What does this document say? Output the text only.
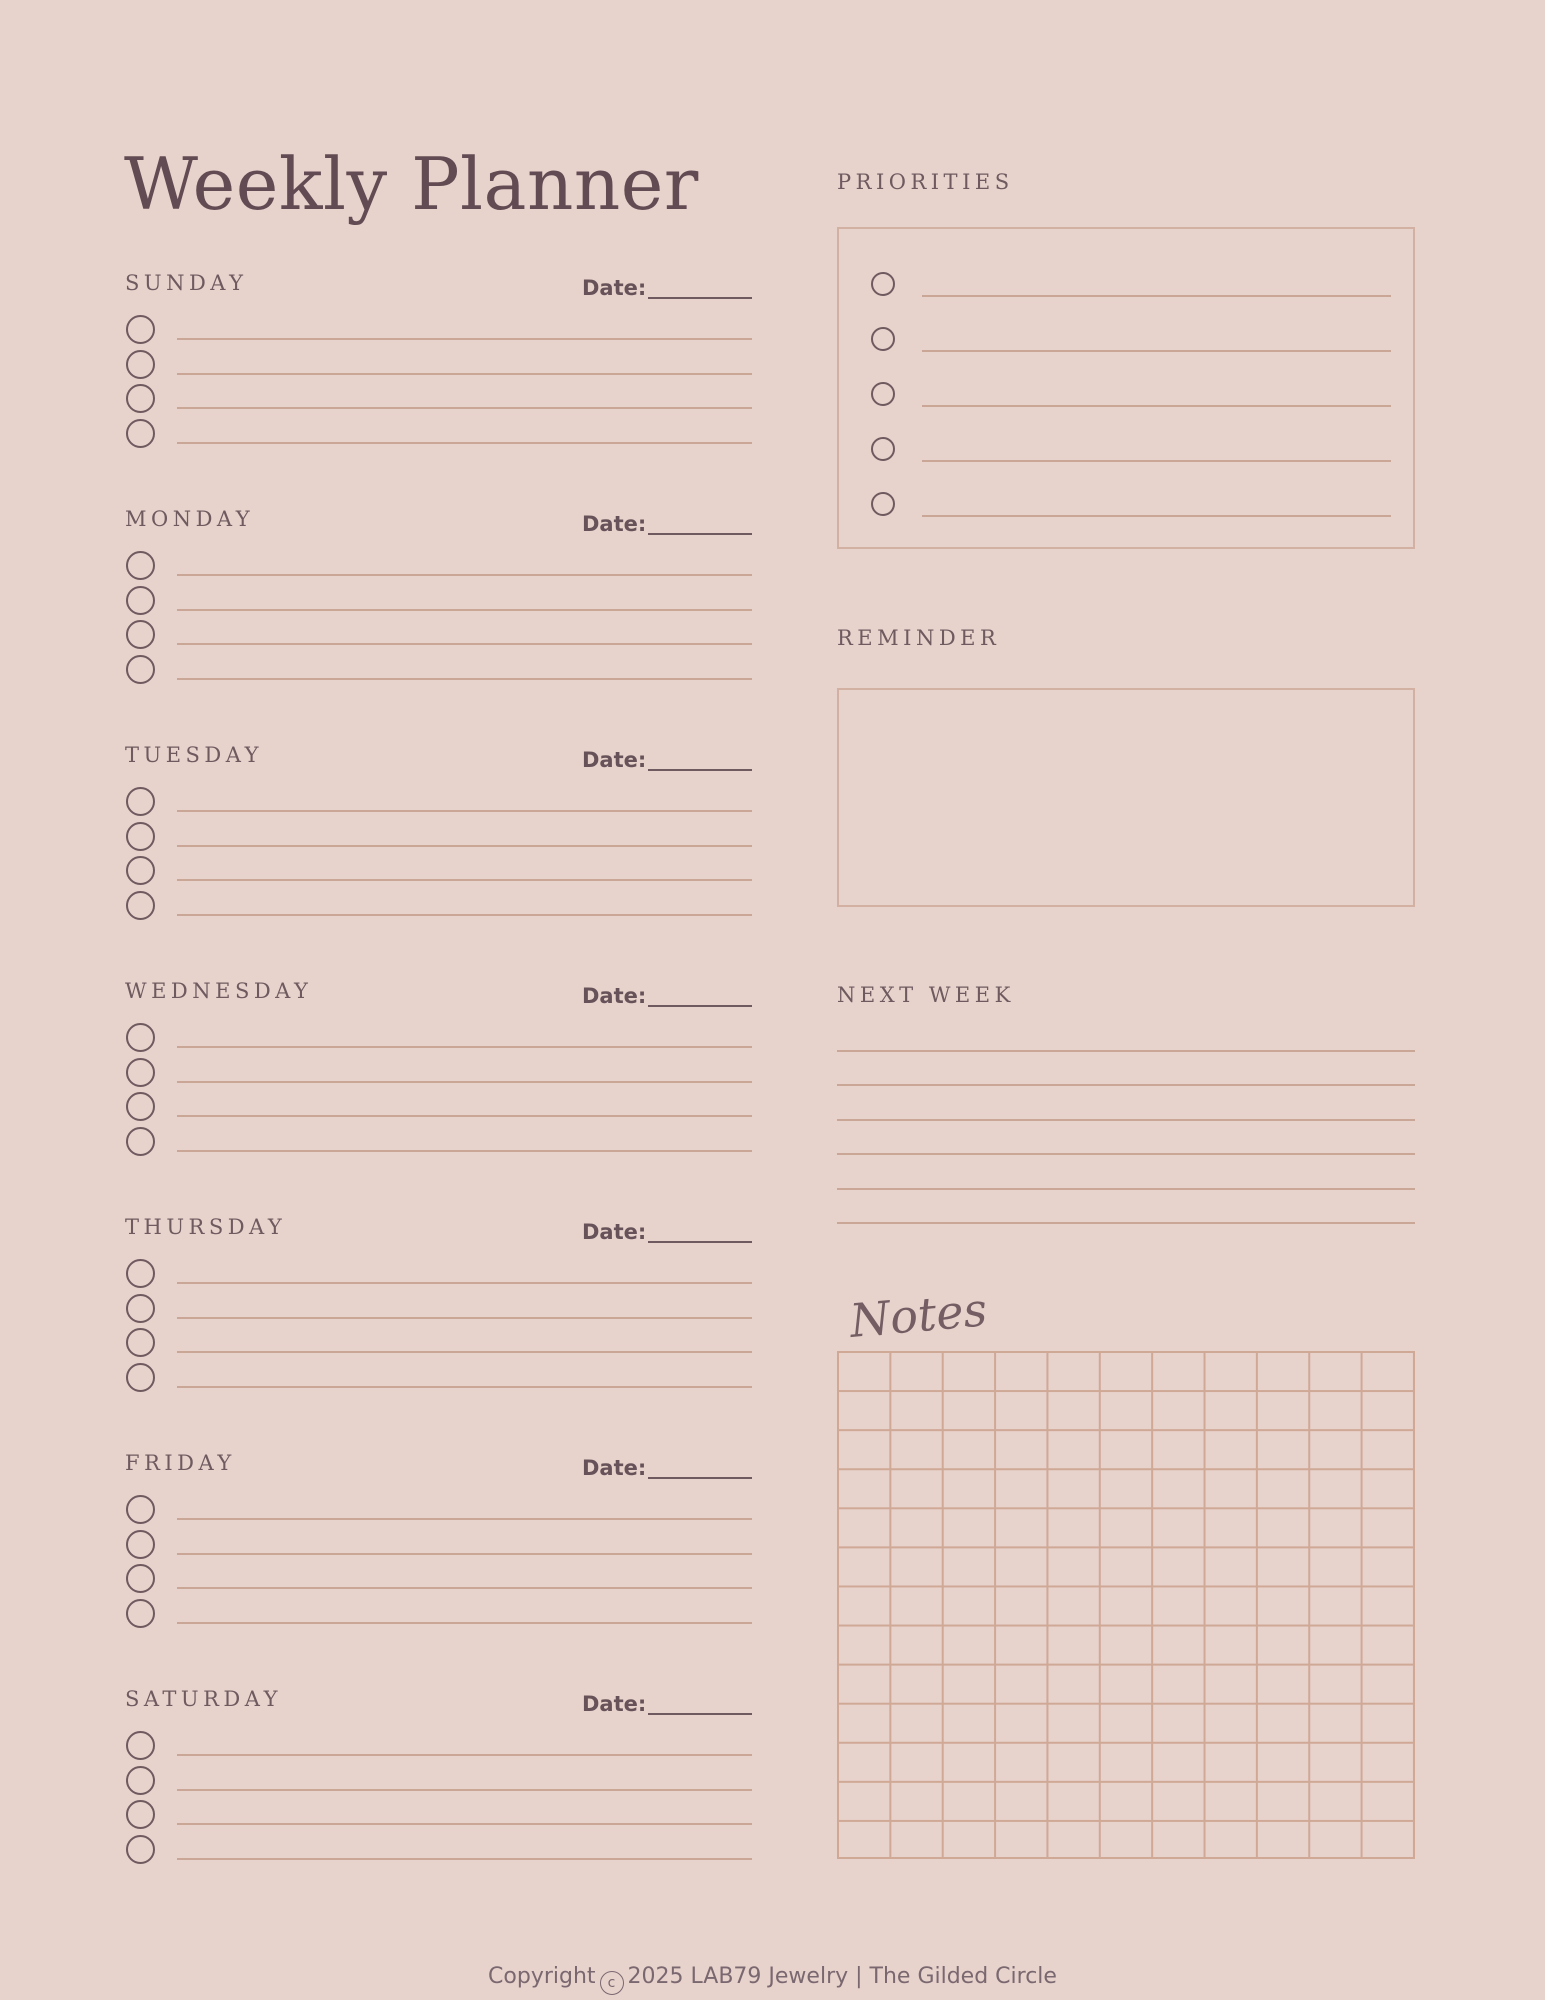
Weekly Planner
SUNDAY	Date:
MONDAY	Date:
TUESDAY	Date:
WEDNESDAY	Date:
THURSDAY	Date:
FRIDAY	Date:
SATURDAY	Date:
PRIORITIES
REMINDER
NEXT WEEK
Notes
Copyright c 2025 LAB79 Jewelry | The Gilded Circle
